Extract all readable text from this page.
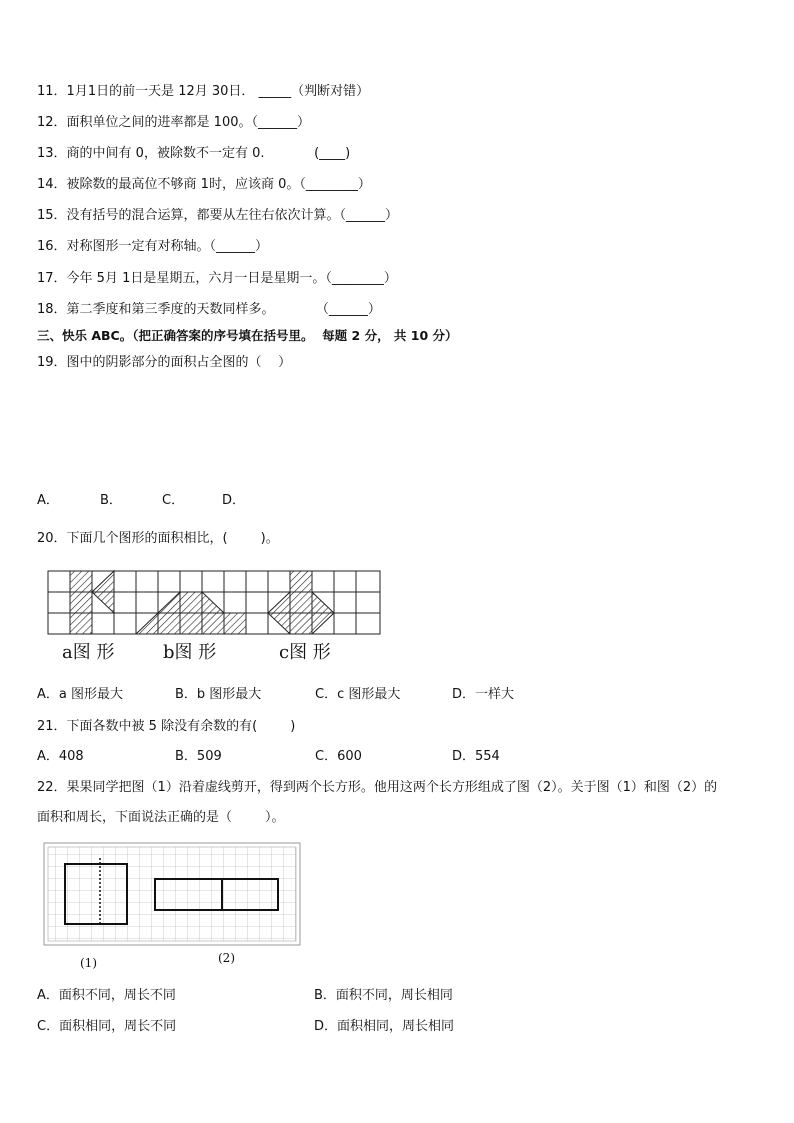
11．1月1日的前一天是 12月 30日． _____（判断对错）
12．面积单位之间的进率都是 100。（______）
13．商的中间有 0，被除数不一定有 0.            (____)
14．被除数的最高位不够商 1时，应该商 0。（________）
15．没有括号的混合运算，都要从左往右依次计算。（______）
16．对称图形一定有对称轴。（______）
17．今年 5月 1日是星期五，六月一日是星期一。（________）
18．第二季度和第三季度的天数同样多。          （______）
三、快乐 ABC。（把正确答案的序号填在括号里。  每题 2 分， 共 10 分）
19．图中的阴影部分的面积占全图的（    ）
A．	B．	C．	D．
20．下面几个图形的面积相比，(        )。
a图 形	b图 形	c图 形
A．a 图形最大	B．b 图形最大	C．c 图形最大	D．一样大
21．下面各数中被 5 除没有余数的有(        )
A．408	B．509	C．600	D．554
22．果果同学把图（1）沿着虚线剪开，得到两个长方形。他用这两个长方形组成了图（2）。关于图（1）和图（2）的
面积和周长，下面说法正确的是（        ）。
(1)	(2)
A．面积不同，周长不同	B．面积不同，周长相同
C．面积相同，周长不同	D．面积相同，周长相同
